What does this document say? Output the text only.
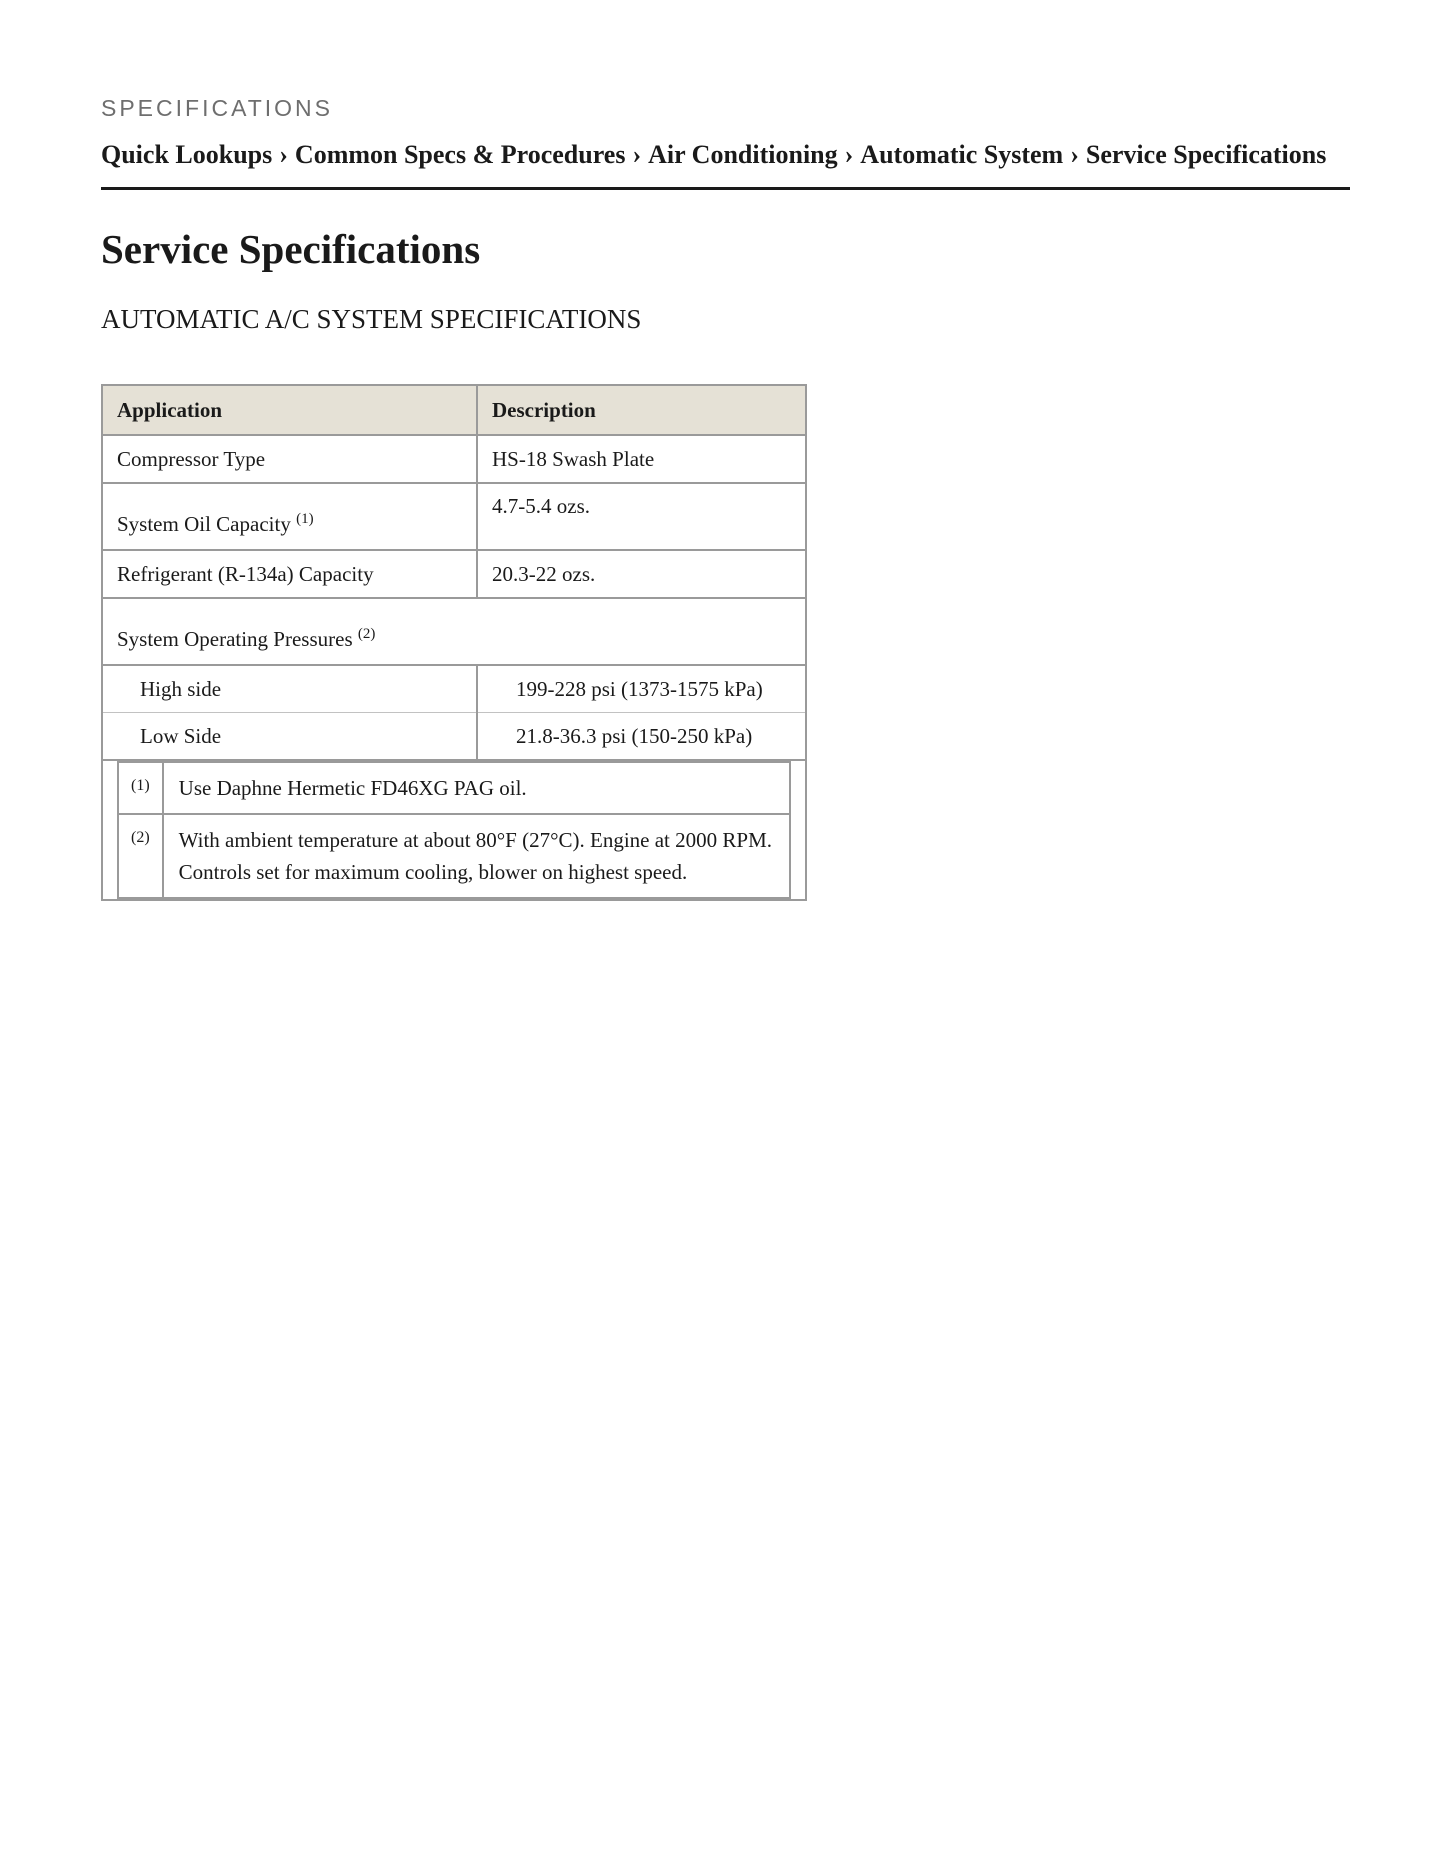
SPECIFICATIONS
Quick Lookups › Common Specs & Procedures › Air Conditioning › Automatic System › Service Specifications
Service Specifications
AUTOMATIC A/C SYSTEM SPECIFICATIONS
Application	Description
Compressor Type	HS-18 Swash Plate
System Oil Capacity $^{(1)}$	4.7-5.4 ozs.
Refrigerant (R-134a) Capacity	20.3-22 ozs.
System Operating Pressures $^{(2)}$
High side	199-228 psi (1373-1575 kPa)
Low Side	21.8-36.3 psi (150-250 kPa)

(1)	Use Daphne Hermetic FD46XG PAG oil.
(2)	With ambient temperature at about 80°F (27°C). Engine at 2000 RPM. Controls set for maximum cooling, blower on highest speed.
